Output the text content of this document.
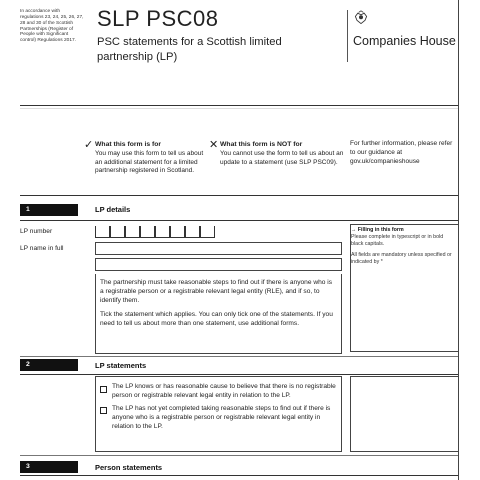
In accordance with regulations 23, 24, 25, 26, 27, 28 and 30 of the Scottish Partnerships (Register of People with Significant control) Regulations 2017.
SLP PSC08
PSC statements for a Scottish limited partnership (LP)
Companies House
✓ What this form is for
You may use this form to tell us about an additional statement for a limited partnership registered in Scotland.
✕ What this form is NOT for
You cannot use the form to tell us about an update to a statement (use SLP PSC09).
For further information, please refer to our guidance at gov.uk/companieshouse
1	LP details
LP number
LP name in full
The partnership must take reasonable steps to find out if there is anyone who is a registrable person or a registrable relevant legal entity (RLE), and if so, to identify them.
Tick the statement which applies. You can only tick one of the statements. If you need to tell us about more than one statement, use additional forms.
→ Filling in this form
Please complete in typescript or in bold black capitals.
All fields are mandatory unless specified or indicated by *
2	LP statements
The LP knows or has reasonable cause to believe that there is no registrable person or registrable relevant legal entity in relation to the LP.
The LP has not yet completed taking reasonable steps to find out if there is anyone who is a registrable person or registrable relevant legal entity in relation to the LP.
3	Person statements
